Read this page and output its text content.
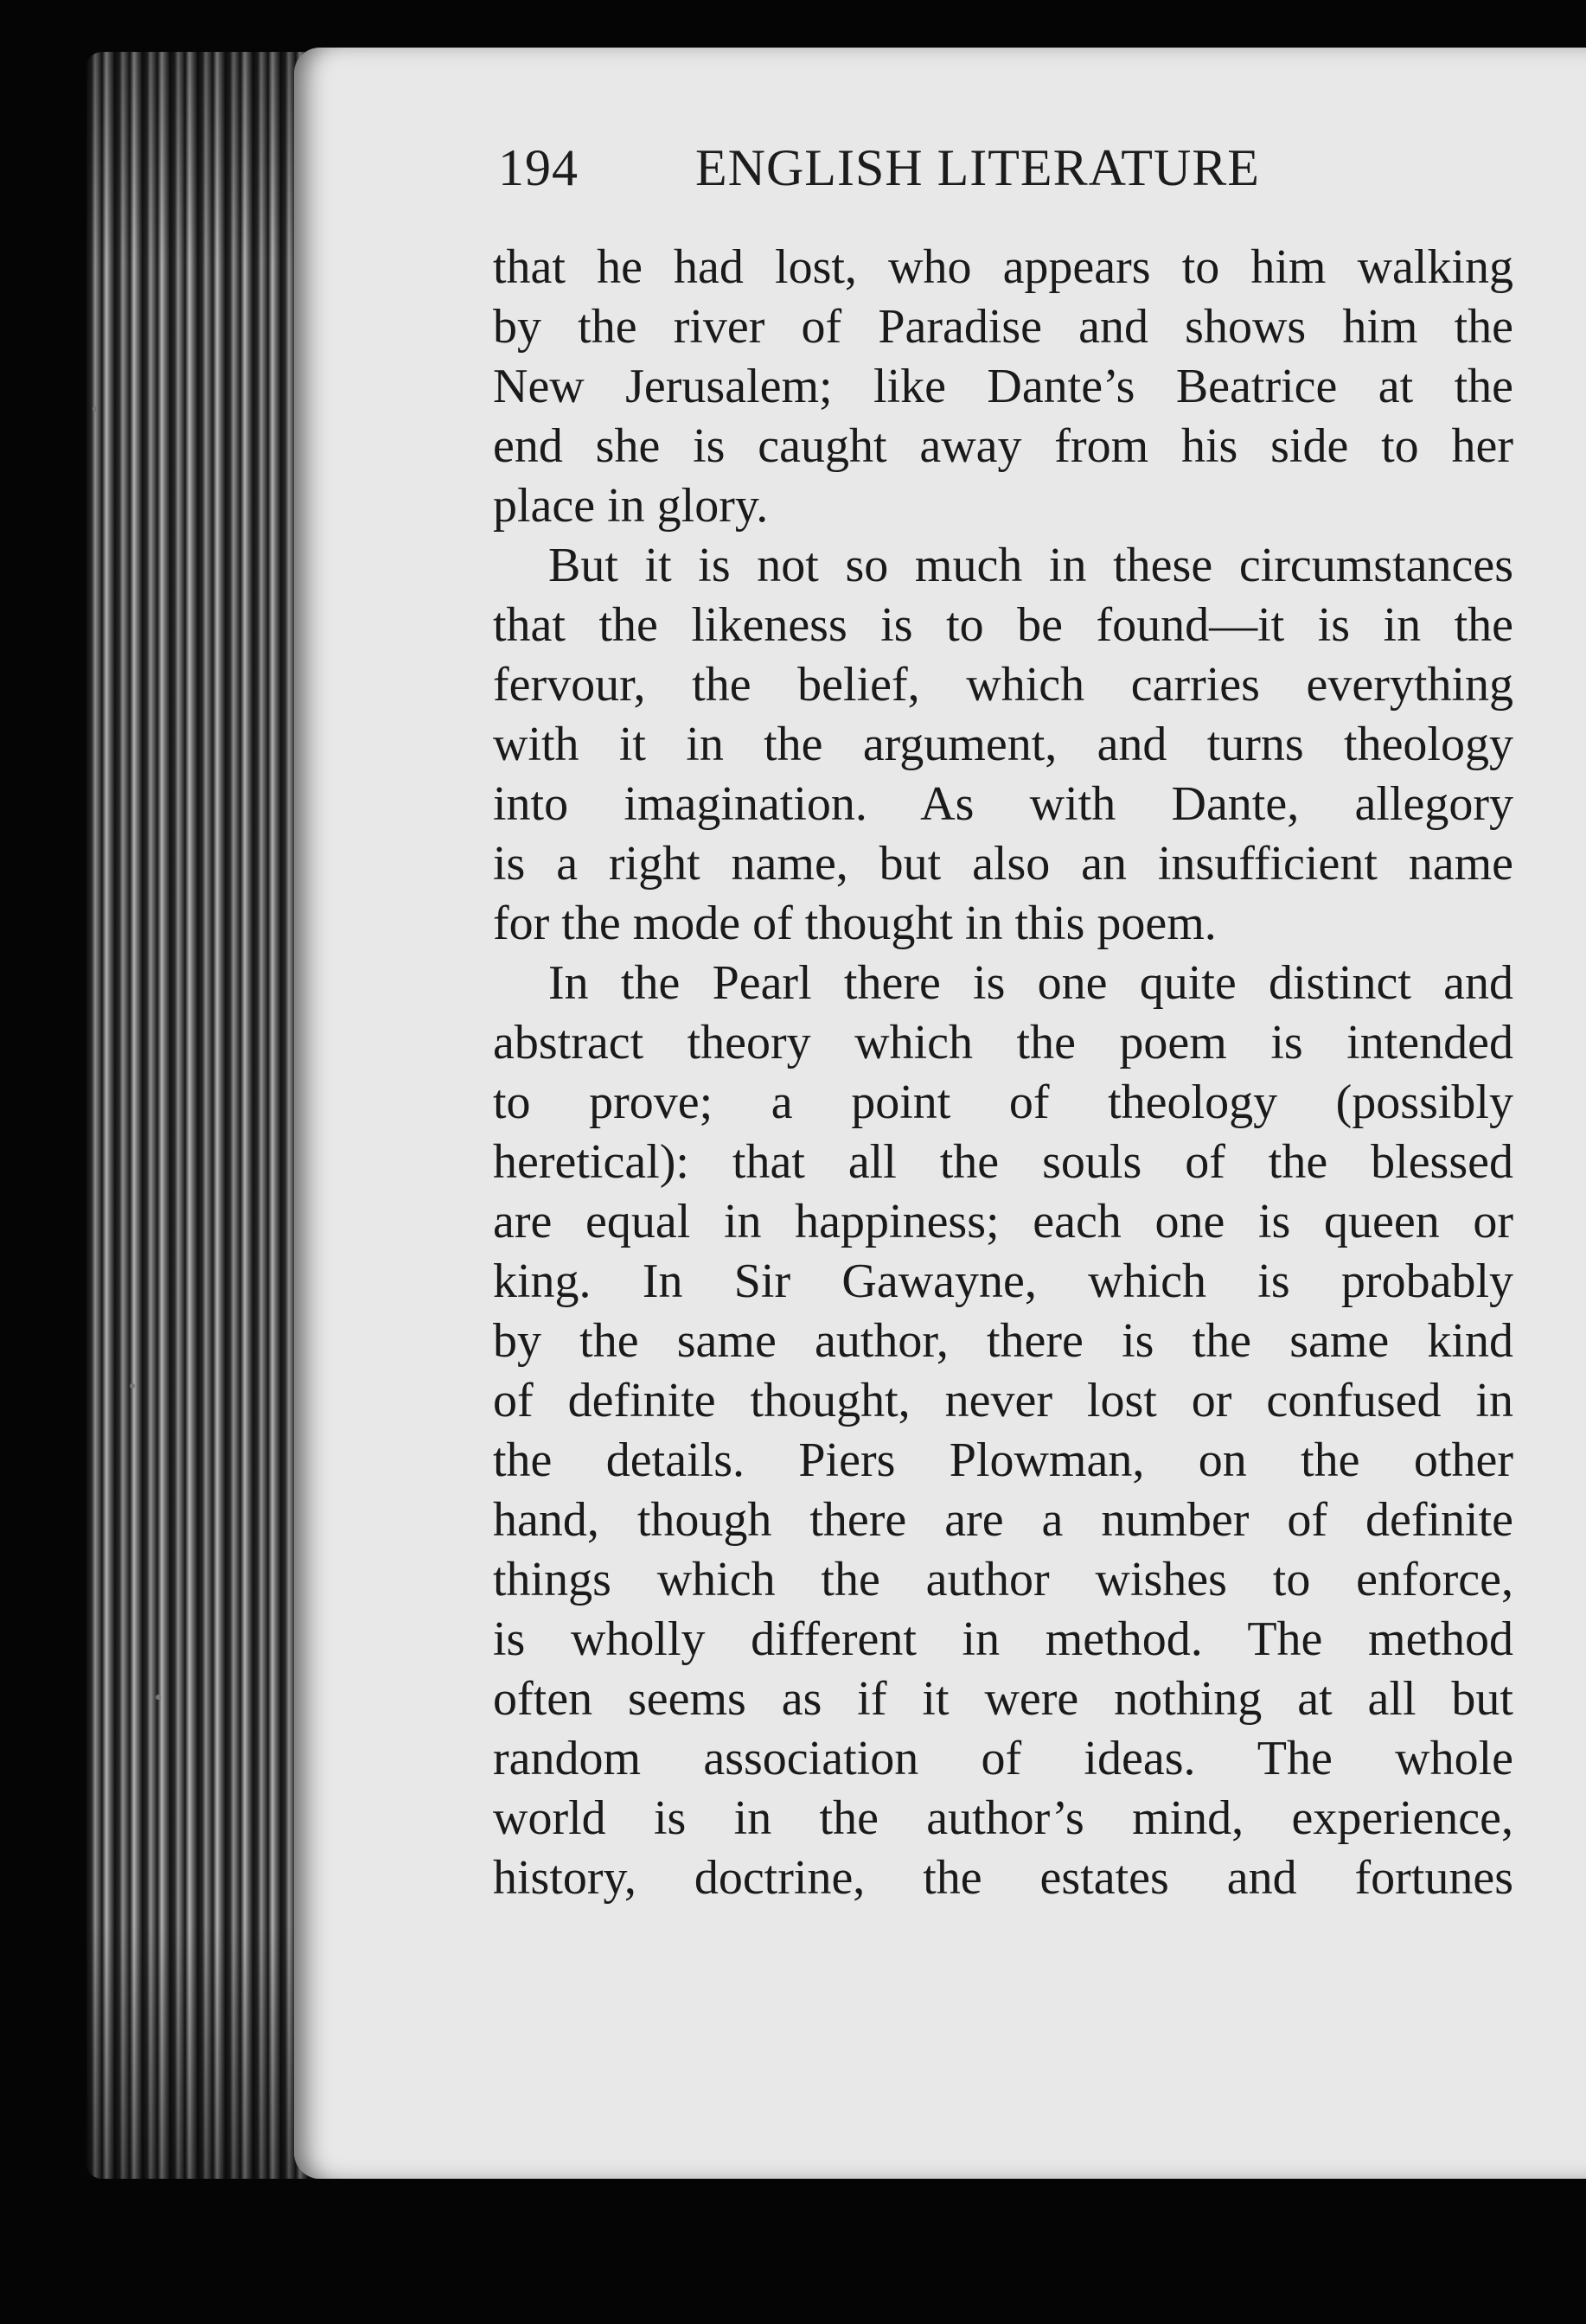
194 ENGLISH LITERATURE
that he had lost, who appears to him walking
by the river of Paradise and shows him the
New Jerusalem; like Dante’s Beatrice at the
end she is caught away from his side to her
place in glory.
But it is not so much in these circumstances
that the likeness is to be found—it is in the
fervour, the belief, which carries everything
with it in the argument, and turns theology
into imagination. As with Dante, allegory
is a right name, but also an insufficient name
for the mode of thought in this poem.
In the Pearl there is one quite distinct and
abstract theory which the poem is intended
to prove; a point of theology (possibly
heretical): that all the souls of the blessed
are equal in happiness; each one is queen or
king. In Sir Gawayne, which is probably
by the same author, there is the same kind
of definite thought, never lost or confused in
the details. Piers Plowman, on the other
hand, though there are a number of definite
things which the author wishes to enforce,
is wholly different in method. The method
often seems as if it were nothing at all but
random association of ideas. The whole
world is in the author’s mind, experience,
history, doctrine, the estates and fortunes
